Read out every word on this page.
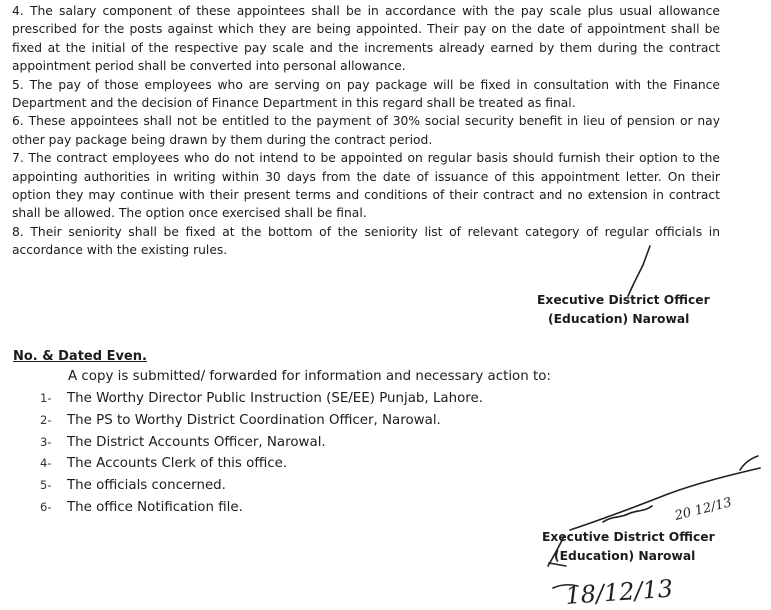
4. The salary component of these appointees shall be in accordance with the pay scale plus usual allowance prescribed for the posts against which they are being appointed. Their pay on the date of appointment shall be fixed at the initial of the respective pay scale and the increments already earned by them during the contract appointment period shall be converted into personal allowance.

5. The pay of those employees who are serving on pay package will be fixed in consultation with the Finance Department and the decision of Finance Department in this regard shall be treated as final.

6. These appointees shall not be entitled to the payment of 30% social security benefit in lieu of pension or nay other pay package being drawn by them during the contract period.

7. The contract employees who do not intend to be appointed on regular basis should furnish their option to the appointing authorities in writing within 30 days from the date of issuance of this appointment letter. On their option they may continue with their present terms and conditions of their contract and no extension in contract shall be allowed. The option once exercised shall be final.

8. Their seniority shall be fixed at the bottom of the seniority list of relevant category of regular officials in accordance with the existing rules.

Executive District Officer
(Education) Narowal
No. & Dated Even.
A copy is submitted/ forwarded for information and necessary action to:
1- The Worthy Director Public Instruction (SE/EE) Punjab, Lahore.
2- The PS to Worthy District Coordination Officer, Narowal.
3- The District Accounts Officer, Narowal.
4- The Accounts Clerk of this office.
5- The officials concerned.
6- The office Notification file.
Executive District Officer
(Education) Narowal
20 12/13
18/12/13
